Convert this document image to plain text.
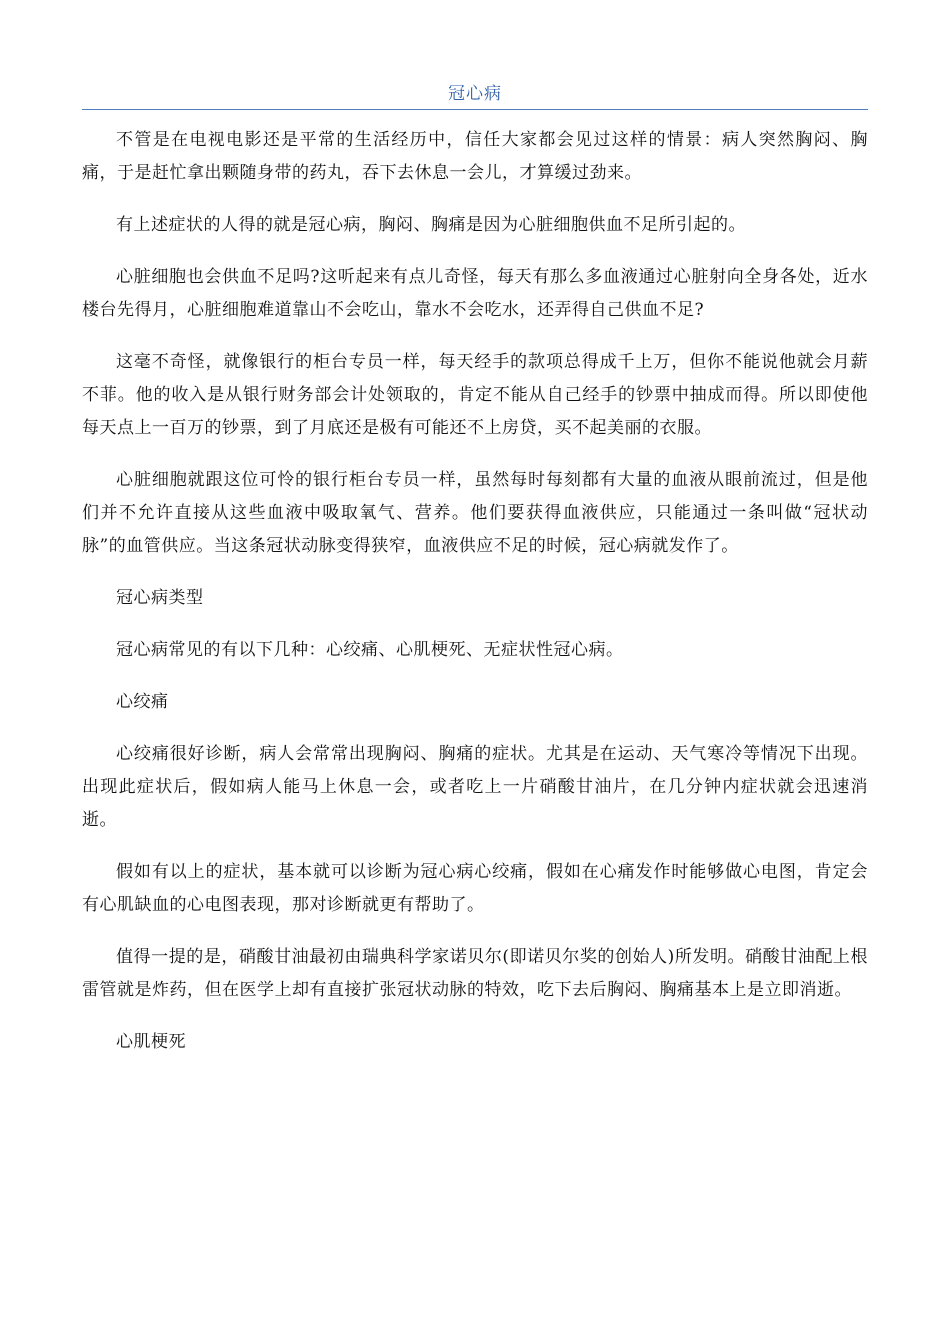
冠心病

不管是在电视电影还是平常的生活经历中，信任大家都会见过这样的情景：病人突然胸闷、胸痛，于是赶忙拿出颗随身带的药丸，吞下去休息一会儿，才算缓过劲来。

有上述症状的人得的就是冠心病，胸闷、胸痛是因为心脏细胞供血不足所引起的。

心脏细胞也会供血不足吗?这听起来有点儿奇怪，每天有那么多血液通过心脏射向全身各处，近水楼台先得月，心脏细胞难道靠山不会吃山，靠水不会吃水，还弄得自己供血不足?

这毫不奇怪，就像银行的柜台专员一样，每天经手的款项总得成千上万，但你不能说他就会月薪不菲。他的收入是从银行财务部会计处领取的，肯定不能从自己经手的钞票中抽成而得。所以即使他每天点上一百万的钞票，到了月底还是极有可能还不上房贷，买不起美丽的衣服。

心脏细胞就跟这位可怜的银行柜台专员一样，虽然每时每刻都有大量的血液从眼前流过，但是他们并不允许直接从这些血液中吸取氧气、营养。他们要获得血液供应，只能通过一条叫做“冠状动脉”的血管供应。当这条冠状动脉变得狭窄，血液供应不足的时候，冠心病就发作了。

冠心病类型

冠心病常见的有以下几种：心绞痛、心肌梗死、无症状性冠心病。

心绞痛

心绞痛很好诊断，病人会常常出现胸闷、胸痛的症状。尤其是在运动、天气寒冷等情况下出现。出现此症状后，假如病人能马上休息一会，或者吃上一片硝酸甘油片，在几分钟内症状就会迅速消逝。

假如有以上的症状，基本就可以诊断为冠心病心绞痛，假如在心痛发作时能够做心电图，肯定会有心肌缺血的心电图表现，那对诊断就更有帮助了。

值得一提的是，硝酸甘油最初由瑞典科学家诺贝尔(即诺贝尔奖的创始人)所发明。硝酸甘油配上根雷管就是炸药，但在医学上却有直接扩张冠状动脉的特效，吃下去后胸闷、胸痛基本上是立即消逝。

心肌梗死
